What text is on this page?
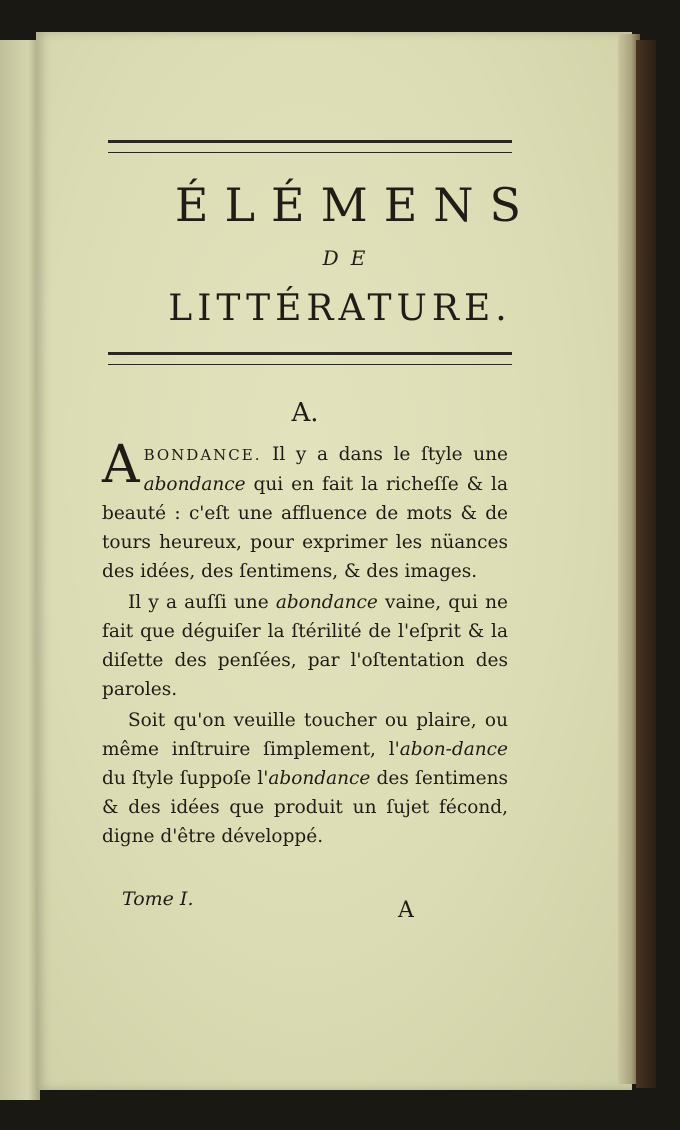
ÉLÉMENS
DE
LITTÉRATURE.
A.

ABONDANCE. Il y a dans le ſtyle une abondance qui en fait la richeſſe & la beauté : c'eſt une affluence de mots & de tours heureux, pour exprimer les nüances des idées, des ſentimens, & des images.

Il y a auſſi une abondance vaine, qui ne fait que déguiſer la ſtérilité de l'eſprit & la diſette des penſées, par l'oſtentation des paroles.

Soit qu'on veuille toucher ou plaire, ou même inſtruire ſimplement, l'abon-dance du ſtyle ſuppoſe l'abondance des ſentimens & des idées que produit un ſujet fécond, digne d'être développé.

Tome I.	A
